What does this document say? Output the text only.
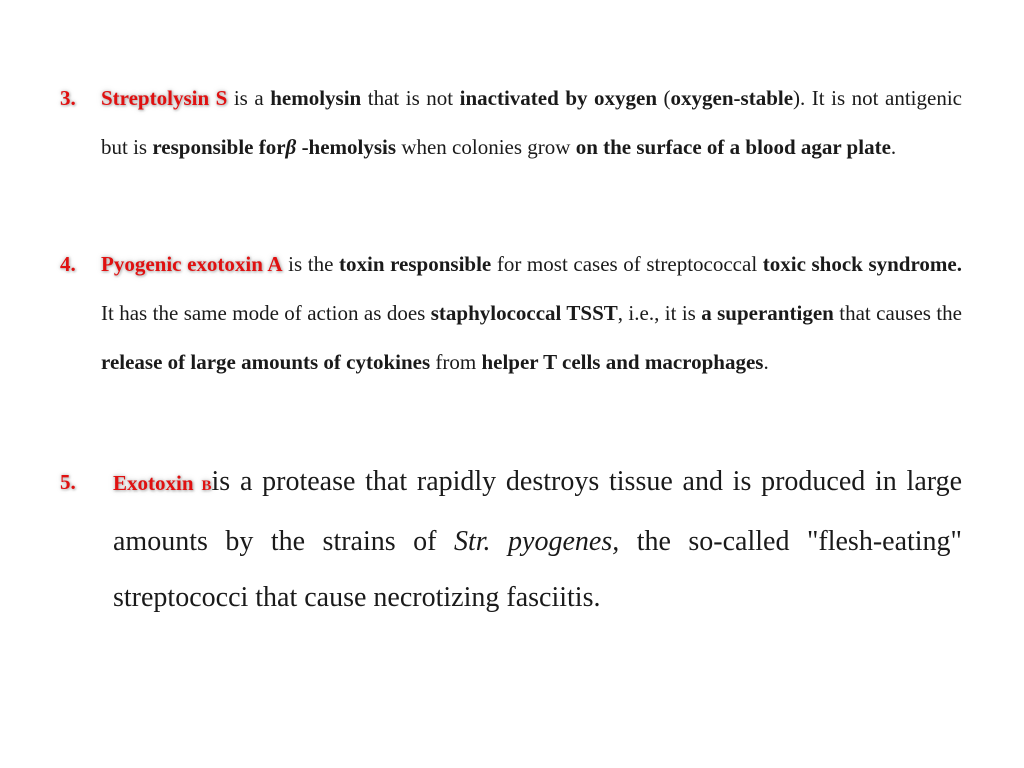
3. Streptolysin S is a hemolysin that is not inactivated by oxygen (oxygen-stable). It is not antigenic but is responsible forβ -hemolysis when colonies grow on the surface of a blood agar plate.
4. Pyogenic exotoxin A is the toxin responsible for most cases of streptococcal toxic shock syndrome. It has the same mode of action as does staphylococcal TSST, i.e., it is a superantigen that causes the release of large amounts of cytokines from helper T cells and macrophages.
5. Exotoxin Bis a protease that rapidly destroys tissue and is produced in large amounts by the strains of Str. pyogenes, the so-called "flesh-eating" streptococci that cause necrotizing fasciitis.
